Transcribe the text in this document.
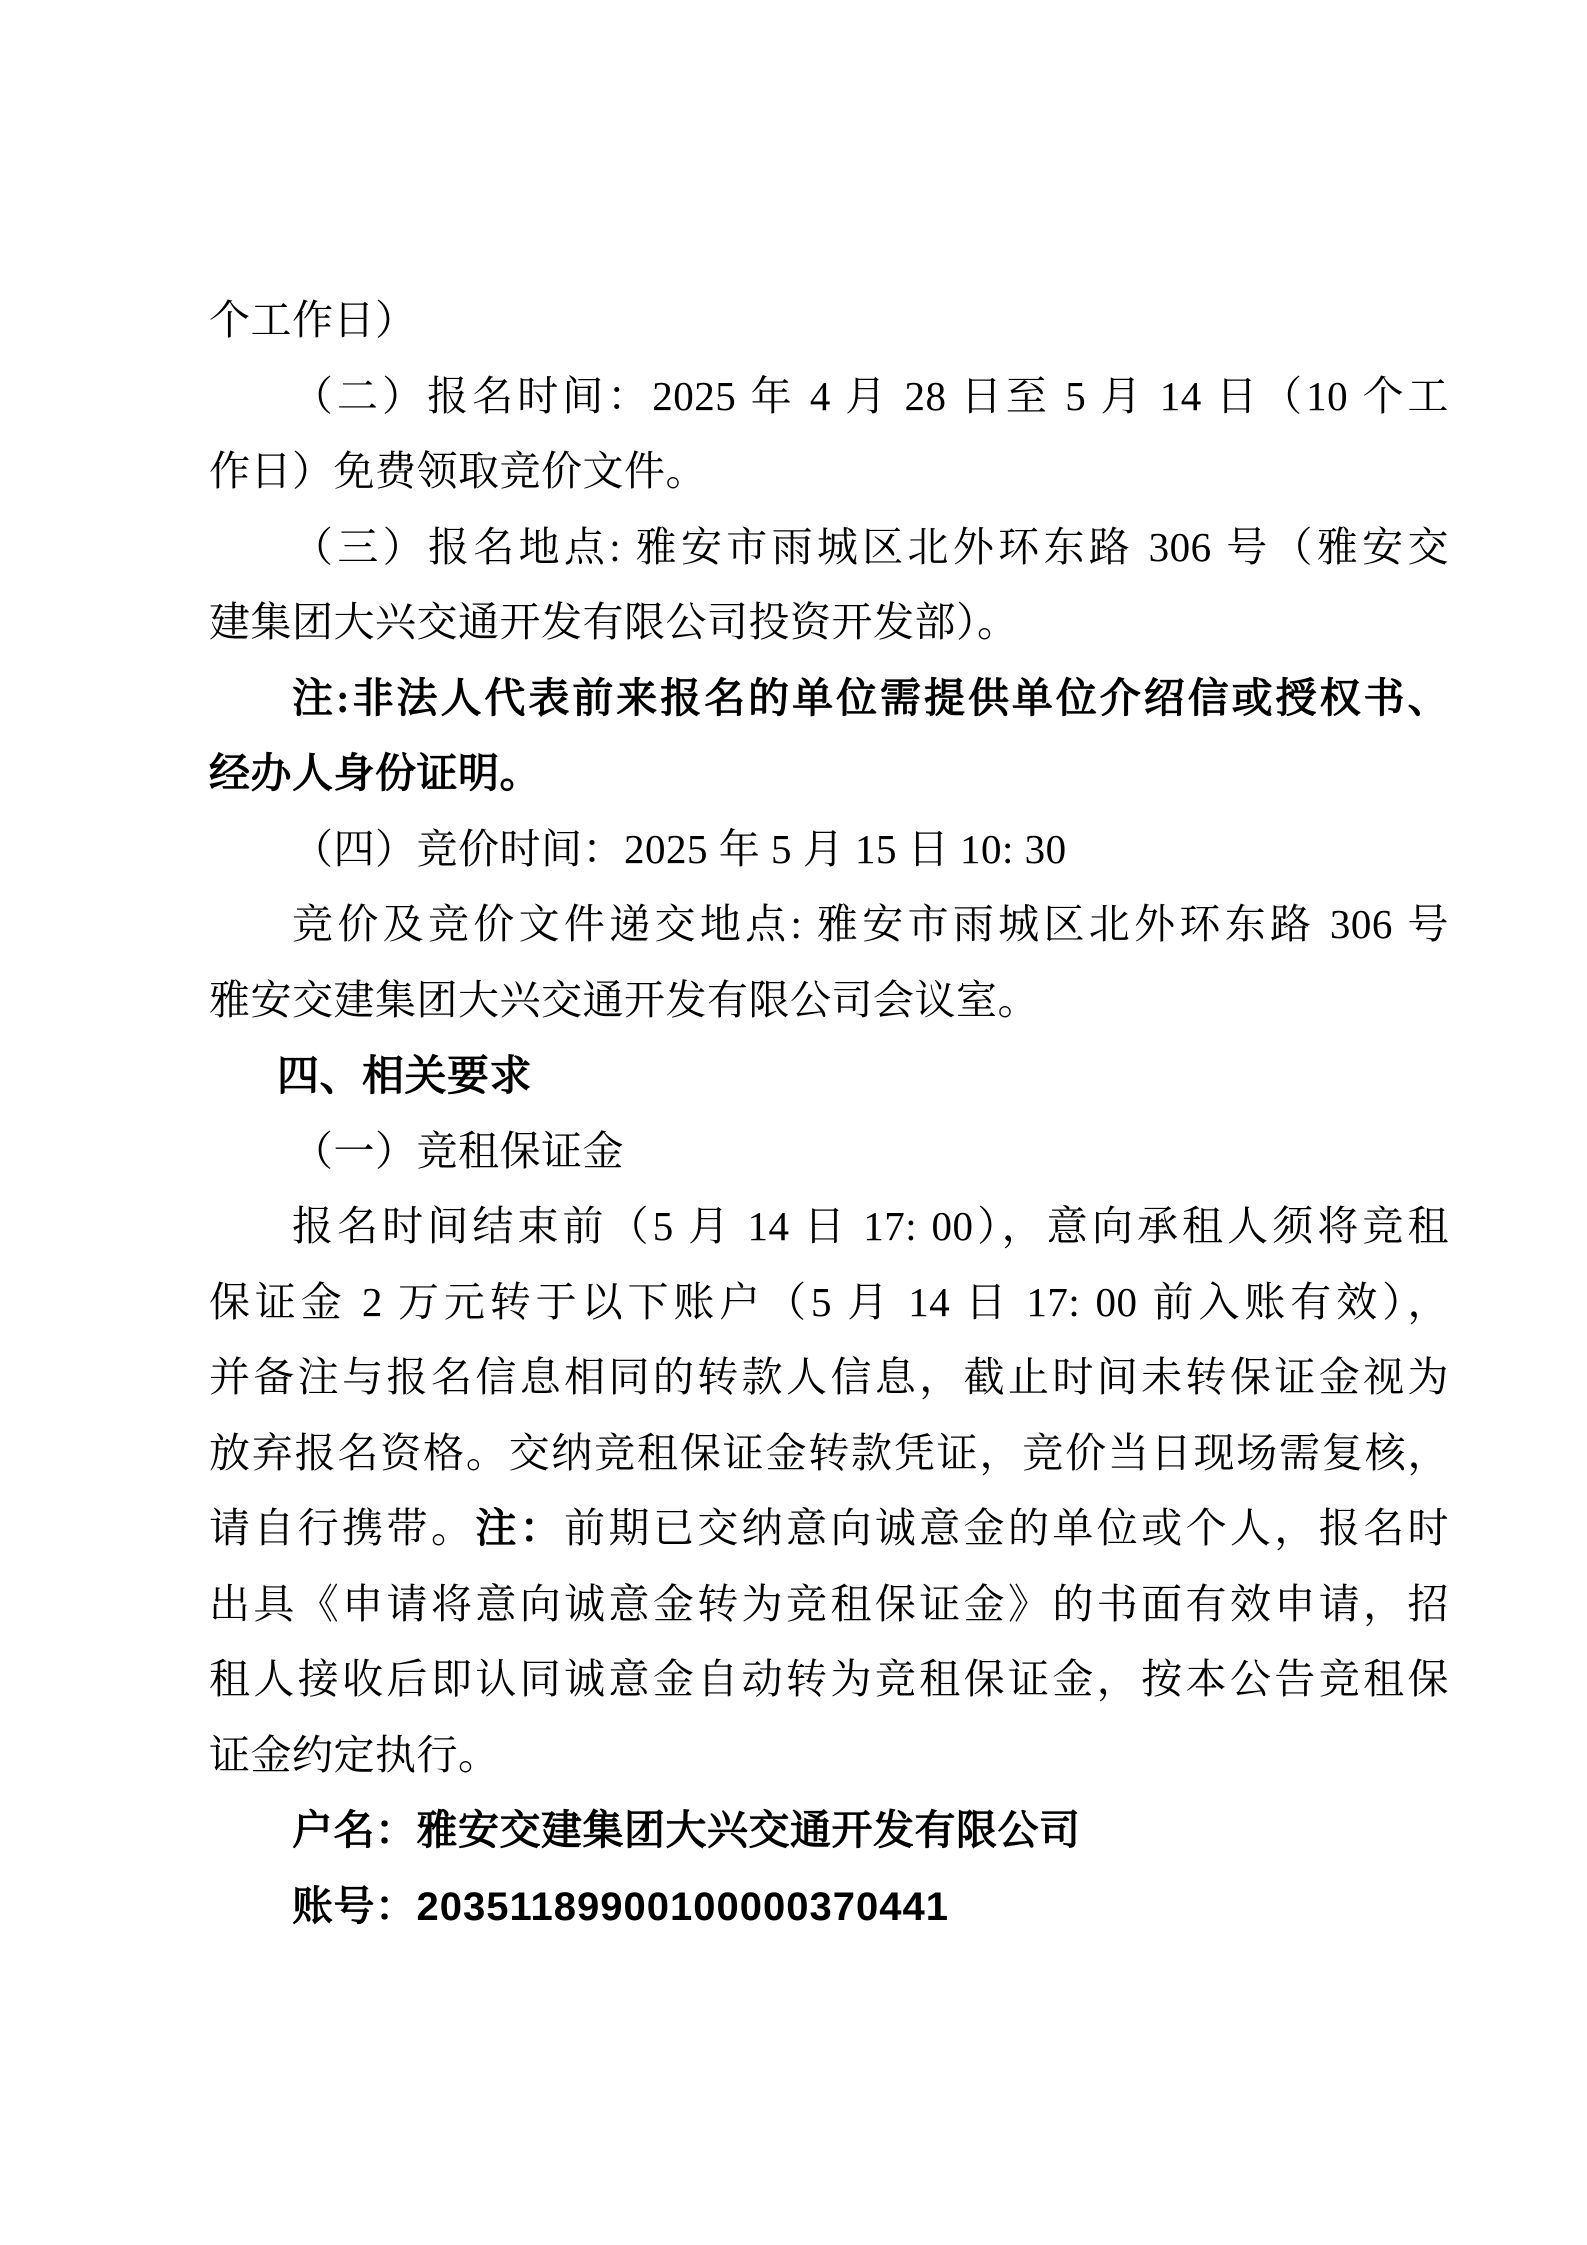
个工作日）
（二）报名时间：2025 年 4 月 28 日至 5 月 14 日（10 个工
作日）免费领取竞价文件。
（三）报名地点: 雅安市雨城区北外环东路 306 号（雅安交
建集团大兴交通开发有限公司投资开发部）。
注:非法人代表前来报名的单位需提供单位介绍信或授权书、
经办人身份证明。
（四）竞价时间：2025 年 5 月 15 日 10: 30
竞价及竞价文件递交地点: 雅安市雨城区北外环东路 306 号
雅安交建集团大兴交通开发有限公司会议室。
四、相关要求
（一）竞租保证金
报名时间结束前（5 月 14 日 17: 00），意向承租人须将竞租
保证金 2 万元转于以下账户（5 月 14 日 17: 00 前入账有效），
并备注与报名信息相同的转款人信息，截止时间未转保证金视为
放弃报名资格。交纳竞租保证金转款凭证，竞价当日现场需复核，
请自行携带。注：前期已交纳意向诚意金的单位或个人，报名时
出具《申请将意向诚意金转为竞租保证金》的书面有效申请，招
租人接收后即认同诚意金自动转为竞租保证金，按本公告竞租保
证金约定执行。
户名：雅安交建集团大兴交通开发有限公司
账号：20351189900100000370441
